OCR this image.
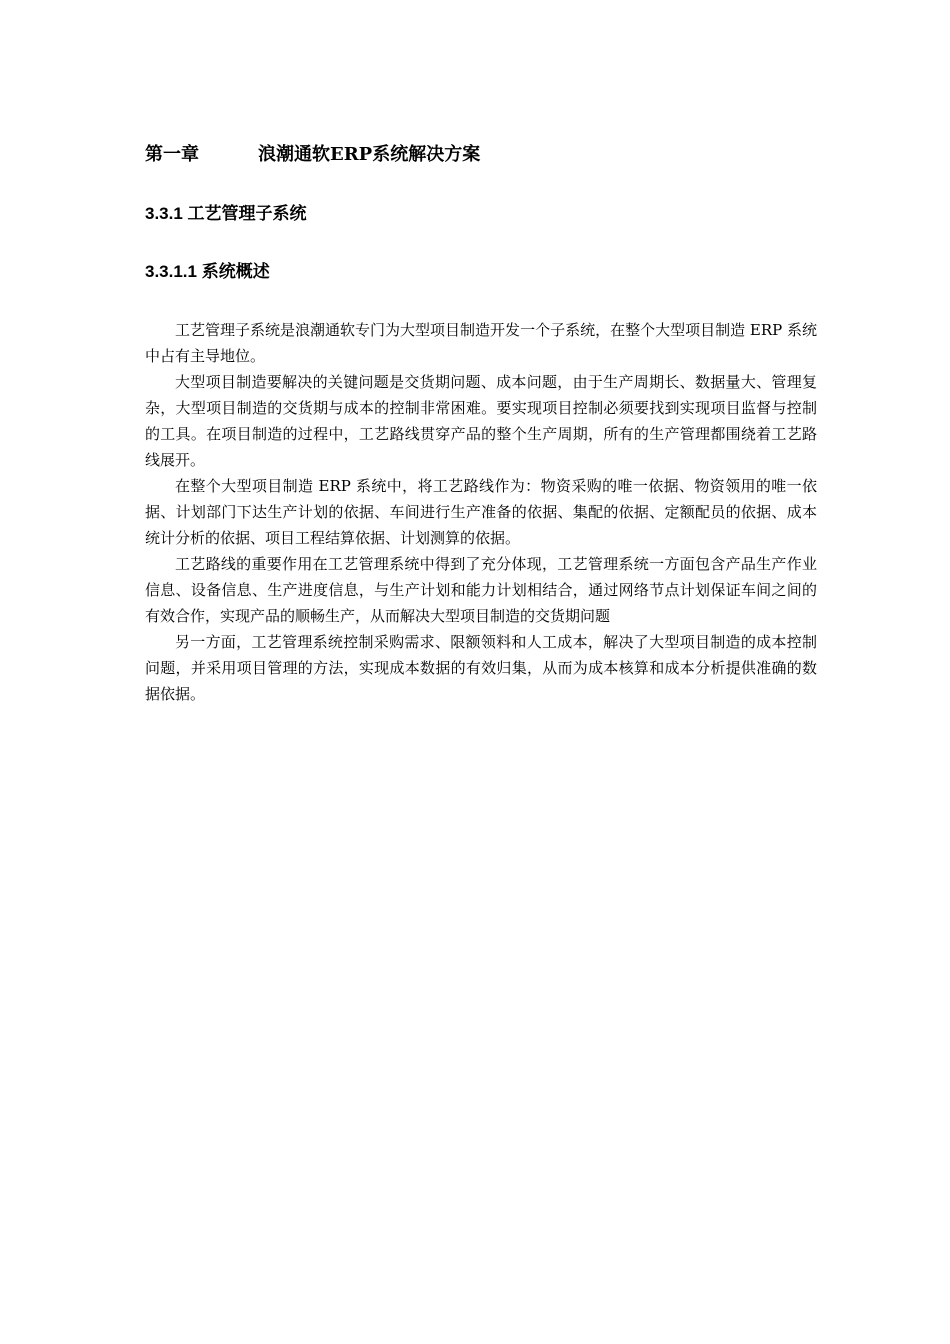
第一章	浪潮通软ERP系统解决方案
3.3.1 工艺管理子系统
3.3.1.1 系统概述

工艺管理子系统是浪潮通软专门为大型项目制造开发一个子系统，在整个大型项目制造 ERP 系统中占有主导地位。

大型项目制造要解决的关键问题是交货期问题、成本问题，由于生产周期长、数据量大、管理复杂，大型项目制造的交货期与成本的控制非常困难。要实现项目控制必须要找到实现项目监督与控制的工具。在项目制造的过程中，工艺路线贯穿产品的整个生产周期，所有的生产管理都围绕着工艺路线展开。

在整个大型项目制造 ERP 系统中，将工艺路线作为：物资采购的唯一依据、物资领用的唯一依据、计划部门下达生产计划的依据、车间进行生产准备的依据、集配的依据、定额配员的依据、成本统计分析的依据、项目工程结算依据、计划测算的依据。

工艺路线的重要作用在工艺管理系统中得到了充分体现，工艺管理系统一方面包含产品生产作业信息、设备信息、生产进度信息，与生产计划和能力计划相结合，通过网络节点计划保证车间之间的有效合作，实现产品的顺畅生产，从而解决大型项目制造的交货期问题

另一方面，工艺管理系统控制采购需求、限额领料和人工成本，解决了大型项目制造的成本控制问题，并采用项目管理的方法，实现成本数据的有效归集，从而为成本核算和成本分析提供准确的数据依据。
